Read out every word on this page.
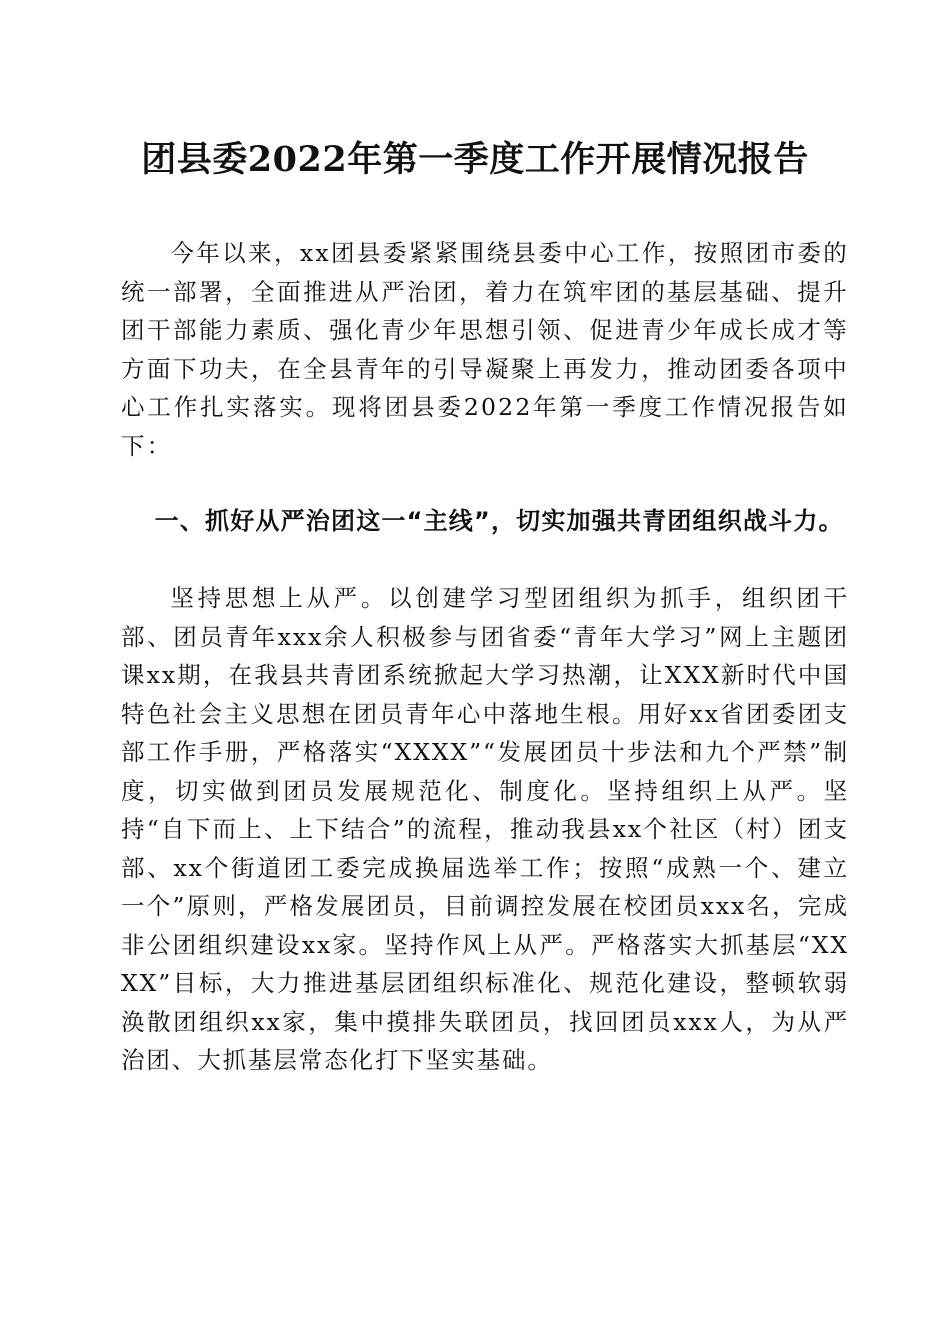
团县委2022年第一季度工作开展情况报告
今年以来，xx团县委紧紧围绕县委中心工作，按照团市委的统一部署，全面推进从严治团，着力在筑牢团的基层基础、提升团干部能力素质、强化青少年思想引领、促进青少年成长成才等方面下功夫，在全县青年的引导凝聚上再发力，推动团委各项中心工作扎实落实。现将团县委2022年第一季度工作情况报告如下：
一、抓好从严治团这一“主线”，切实加强共青团组织战斗力。
坚持思想上从严。以创建学习型团组织为抓手，组织团干部、团员青年xxx余人积极参与团省委“青年大学习”网上主题团课xx期，在我县共青团系统掀起大学习热潮，让XXX新时代中国特色社会主义思想在团员青年心中落地生根。用好xx省团委团支部工作手册，严格落实“XXXX”“发展团员十步法和九个严禁”制度，切实做到团员发展规范化、制度化。坚持组织上从严。坚持“自下而上、上下结合”的流程，推动我县xx个社区（村）团支部、xx个街道团工委完成换届选举工作；按照“成熟一个、建立一个”原则，严格发展团员，目前调控发展在校团员xxx名，完成非公团组织建设xx家。坚持作风上从严。严格落实大抓基层“XXXX”目标，大力推进基层团组织标准化、规范化建设，整顿软弱涣散团组织xx家，集中摸排失联团员，找回团员xxx人，为从严治团、大抓基层常态化打下坚实基础。
